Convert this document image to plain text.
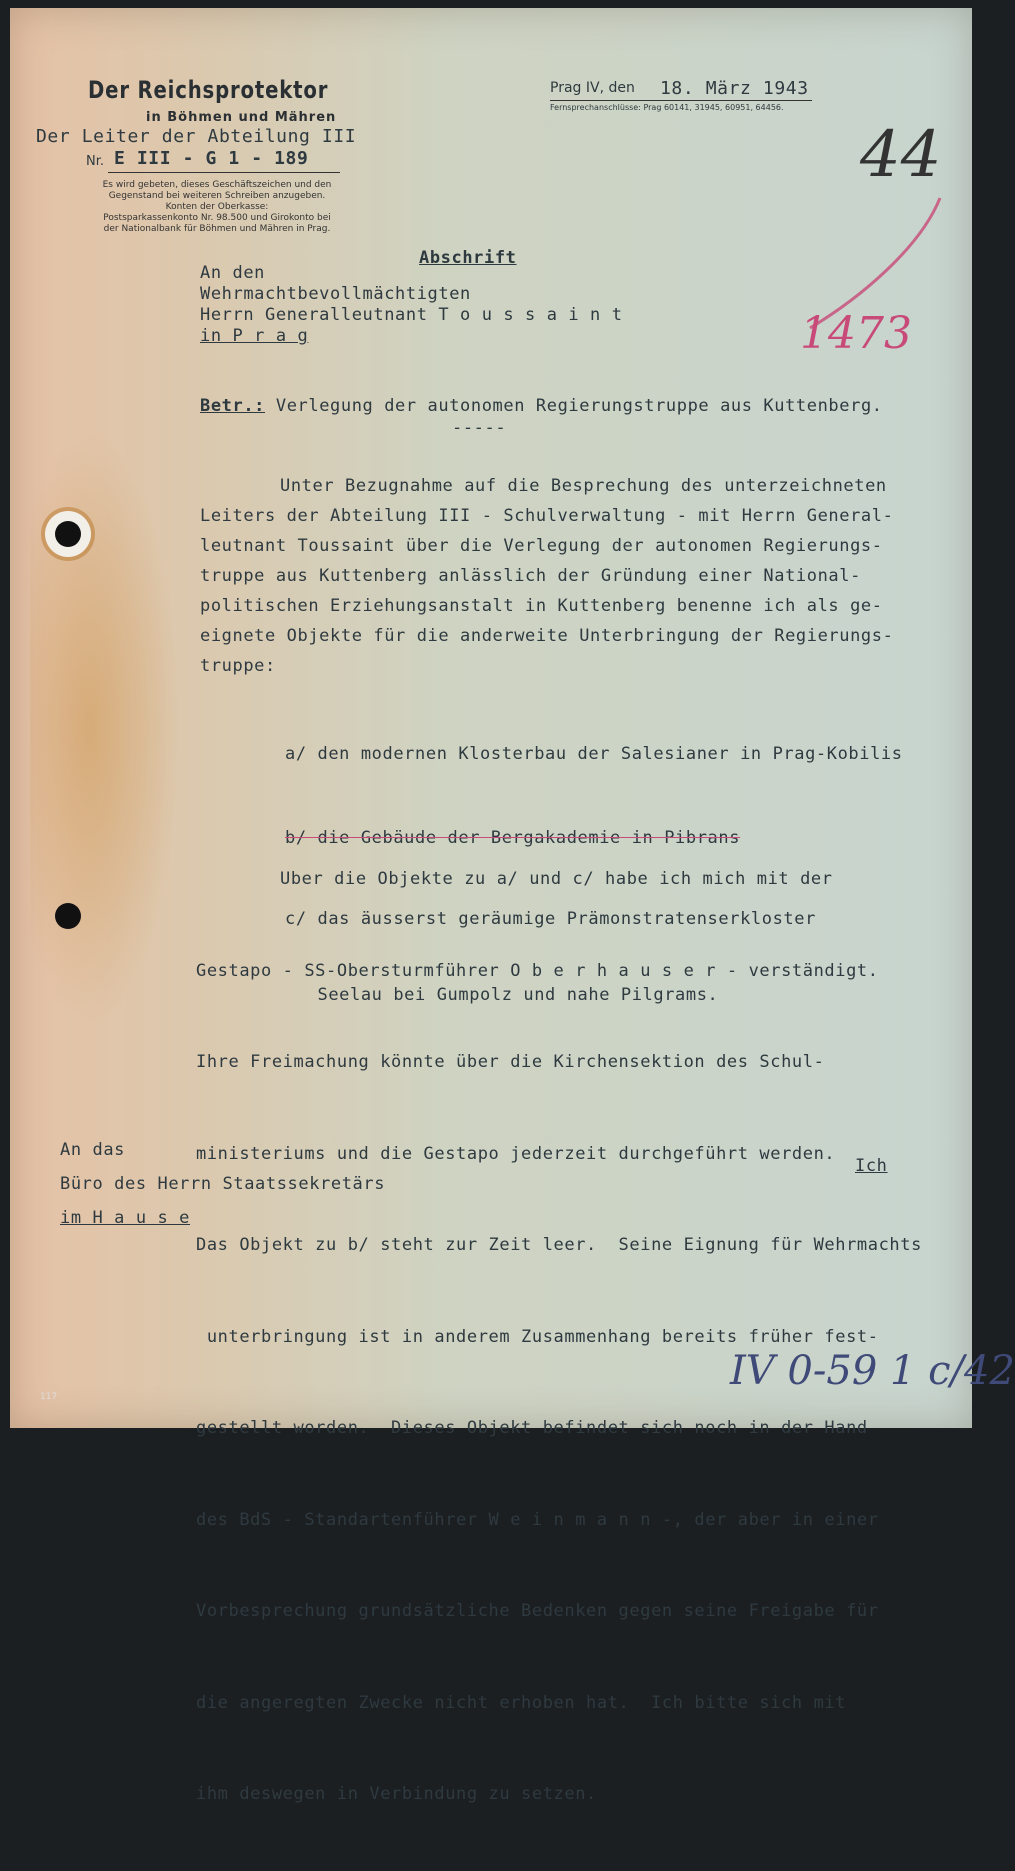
Der Reichsprotektor
in Böhmen und Mähren
Der Leiter der Abteilung III
Nr. E III - G 1 - 189
Es wird gebeten, dieses Geschäftszeichen und den
Gegenstand bei weiteren Schreiben anzugeben.
Konten der Oberkasse:
Postsparkassenkonto Nr. 98.500 und Girokonto bei
der Nationalbank für Böhmen und Mähren in Prag.
Prag IV, den 18. März 1943
Fernsprechanschlüsse: Prag 60141, 31945, 60951, 64456.
44
1473
Abschrift
An den
Wehrmachtbevollmächtigten
Herrn Generalleutnant T o u s s a i n t
in P r a g
Betr.: Verlegung der autonomen Regierungstruppe aus Kuttenberg.
-----
Unter Bezugnahme auf die Besprechung des unterzeichneten
Leiters der Abteilung III - Schulverwaltung - mit Herrn General-
leutnant Toussaint über die Verlegung der autonomen Regierungs-
truppe aus Kuttenberg anlässlich der Gründung einer National-
politischen Erziehungsanstalt in Kuttenberg benenne ich als ge-
eignete Objekte für die anderweite Unterbringung der Regierungs-
truppe:

a/ den modernen Klosterbau der Salesianer in Prag-Kobilis

b/ die Gebäude der Bergakademie in Pibrans

c/ das äusserst geräumige Prämonstratenserkloster

Seelau bei Gumpolz und nahe Pilgrams.

Uber die Objekte zu a/ und c/ habe ich mich mit der

Gestapo - SS-Obersturmführer O b e r h a u s e r - verständigt.

Ihre Freimachung könnte über die Kirchensektion des Schul-

ministeriums und die Gestapo jederzeit durchgeführt werden.

Das Objekt zu b/ steht zur Zeit leer.  Seine Eignung für Wehrmachts

unterbringung ist in anderem Zusammenhang bereits früher fest-

gestellt worden.  Dieses Objekt befindet sich noch in der Hand

des BdS - Standartenführer W e i n m a n n -, der aber in einer

Vorbesprechung grundsätzliche Bedenken gegen seine Freigabe für

die angeregten Zwecke nicht erhoben hat.  Ich bitte sich mit

ihm deswegen in Verbindung zu setzen.

An das
Büro des Herrn Staatssekretärs
im H a u s e
Ich
IV 0-59 1 c/42
117
